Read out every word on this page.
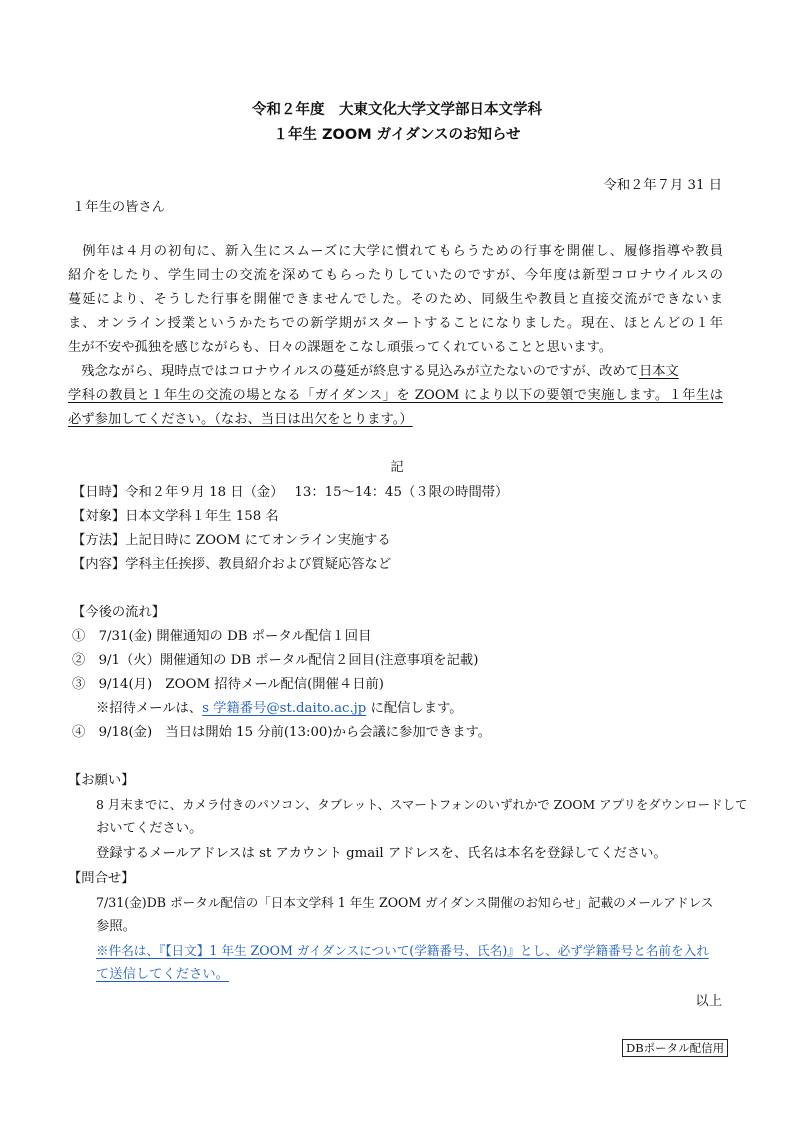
令和２年度　大東文化大学文学部日本文学科
１年生 ZOOM ガイダンスのお知らせ
令和２年７月 31 日
１年生の皆さん
　例年は４月の初旬に、新入生にスムーズに大学に慣れてもらうための行事を開催し、履修指導や教員
紹介をしたり、学生同士の交流を深めてもらったりしていたのですが、今年度は新型コロナウイルスの
蔓延により、そうした行事を開催できませんでした。そのため、同級生や教員と直接交流ができないま
ま、オンライン授業というかたちでの新学期がスタートすることになりました。現在、ほとんどの１年
生が不安や孤独を感じながらも、日々の課題をこなし頑張ってくれていることと思います。
　残念ながら、現時点ではコロナウイルスの蔓延が終息する見込みが立たないのですが、改めて日本文
学科の教員と１年生の交流の場となる「ガイダンス」を ZOOM により以下の要領で実施します。１年生は
必ず参加してください。（なお、当日は出欠をとります。）
記
【日時】令和２年９月 18 日（金）　 13：15～14：45（３限の時間帯）
【対象】日本文学科１年生 158 名
【方法】上記日時に ZOOM にてオンライン実施する
【内容】学科主任挨拶、教員紹介および質疑応答など
【今後の流れ】
①　7/31(金) 開催通知の DB ポータル配信１回目
②　9/1（火）開催通知の DB ポータル配信２回目(注意事項を記載)
③　9/14(月)　ZOOM 招待メール配信(開催４日前)
※招待メールは、s 学籍番号@st.daito.ac.jp に配信します。
④　9/18(金)　当日は開始 15 分前(13:00)から会議に参加できます。
【お願い】
8 月末までに、カメラ付きのパソコン、タブレット、スマートフォンのいずれかで ZOOM アプリをダウンロードして
おいてください。
登録するメールアドレスは st アカウント gmail アドレスを、氏名は本名を登録してください。
【問合せ】
7/31(金)DB ポータル配信の「日本文学科 1 年生 ZOOM ガイダンス開催のお知らせ」記載のメールアドレス
参照。
※件名は、『【日文】1 年生 ZOOM ガイダンスについて(学籍番号、氏名)』とし、必ず学籍番号と名前を入れ
て送信してください。
以上
DBポータル配信用
